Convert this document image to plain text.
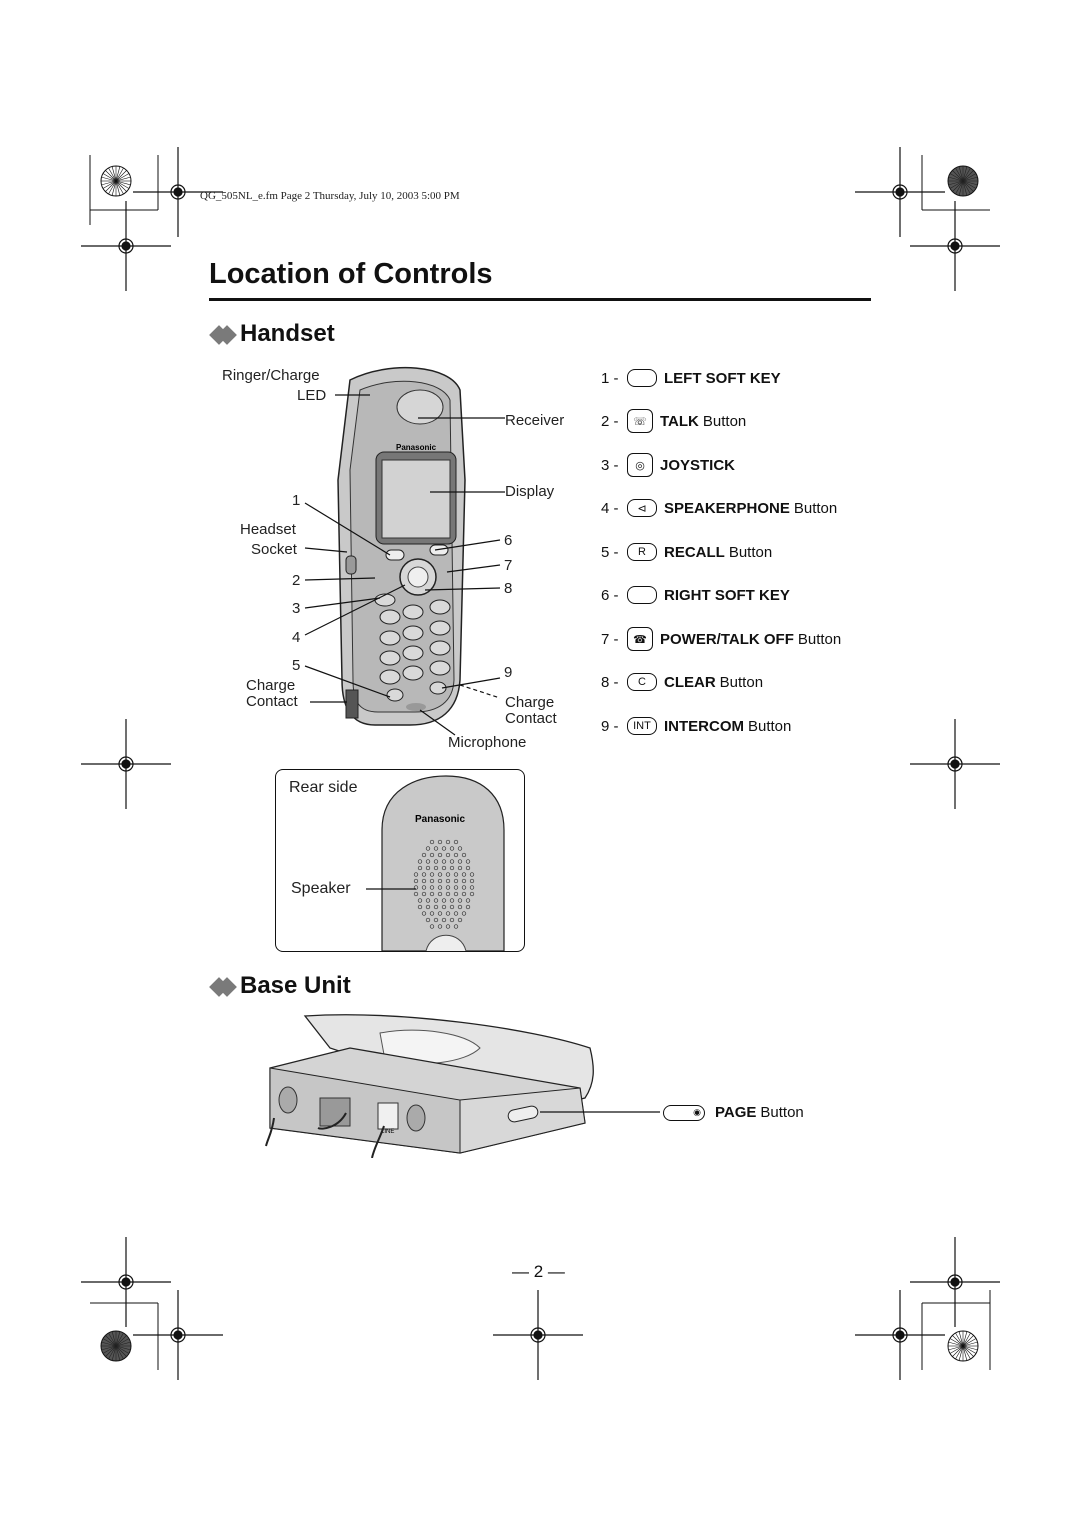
QG_505NL_e.fm Page 2 Thursday, July 10, 2003 5:00 PM
Location of Controls
Handset
Panasonic
Ringer/Charge
LED
Receiver
Display
1
Headset
Socket
2
3
4
5
Charge
Contact
6
7
8
9
Charge
Contact
Microphone
1 -	LEFT SOFT KEY
2 -	☏ TALK Button
3 -	◎	JOYSTICK
4 -	⊲	SPEAKERPHONE Button
5 -	R	RECALL Button
6 -	RIGHT SOFT KEY
7 -	☎ POWER/TALK OFF Button
8 -	C	CLEAR Button
9 -	INT INTERCOM Button
Panasonic
Rear side
Speaker
Base Unit
LINE
◉ PAGE Button
— 2 —
